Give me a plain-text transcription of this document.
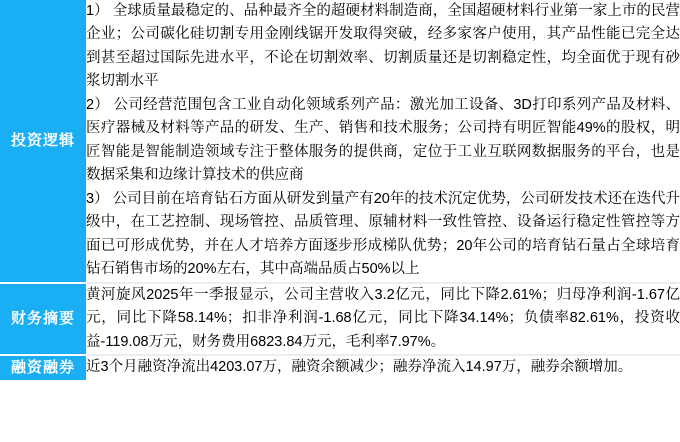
投资逻辑	1） 全球质量最稳定的、品种最齐全的超硬材料制造商，全国超硬材料行业第一家上市的民营企业；公司碳化硅切割专用金刚线锯开发取得突破，经多家客户使用，其产品性能已完全达到甚至超过国际先进水平，不论在切割效率、切割质量还是切割稳定性，均全面优于现有砂浆切割水平

2） 公司经营范围包含工业自动化领域系列产品：激光加工设备、3D打印系列产品及材料、医疗器械及材料等产品的研发、生产、销售和技术服务；公司持有明匠智能49%的股权，明匠智能是智能制造领域专注于整体服务的提供商，定位于工业互联网数据服务的平台，也是数据采集和边缘计算技术的供应商

3） 公司目前在培育钻石方面从研发到量产有20年的技术沉定优势，公司研发技术还在迭代升级中，在工艺控制、现场管控、品质管理、原辅材料一致性管控、设备运行稳定性管控等方面已可形成优势，并在人才培养方面逐步形成梯队优势；20年公司的培育钻石量占全球培育钻石销售市场的20%左右，其中高端品质占50%以上

财务摘要	黄河旋风2025年一季报显示，公司主营收入3.2亿元，同比下降2.61%；归母净利润-1.67亿元，同比下降58.14%；扣非净利润-1.68亿元，同比下降34.14%；负债率82.61%，投资收益-119.08万元，财务费用6823.84万元，毛利率7.97%。

融资融券	近3个月融资净流出4203.07万，融资余额减少；融券净流入14.97万，融券余额增加。
